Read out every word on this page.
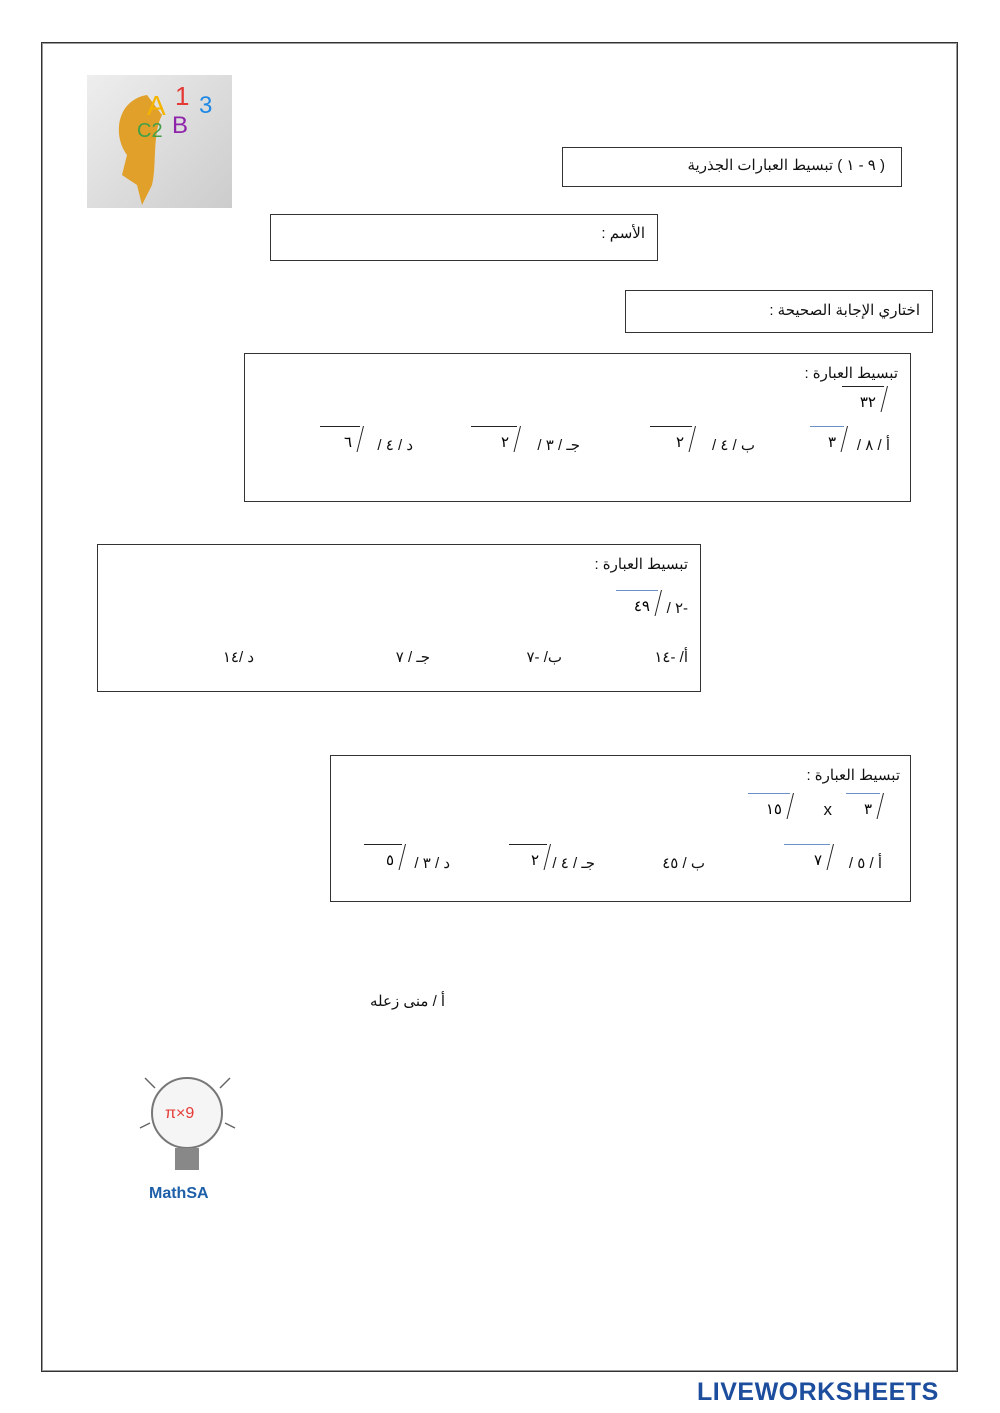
A 1 3
B
C2
( ٩ - ١ ) تبسيط العبارات الجذرية
الأسم :
اختاري الإجابة الصحيحة :
تبسيط العبارة :
٣٢
أ / ٨ /
٣
ب / ٤ /
٢
جـ / ٣ /
٢
د / ٤ /
٦
تبسيط العبارة :
-٢ /
٤٩
أ/ -١٤
ب/ -٧
جـ / ٧
د /١٤
تبسيط العبارة :
٣
x
١٥
أ / ٥ /
٧
ب / ٤٥
جـ / ٤ /
٢
د / ٣ /
٥
أ / منى زعله
π×9
MathSA
LIVEWORKSHEETS
